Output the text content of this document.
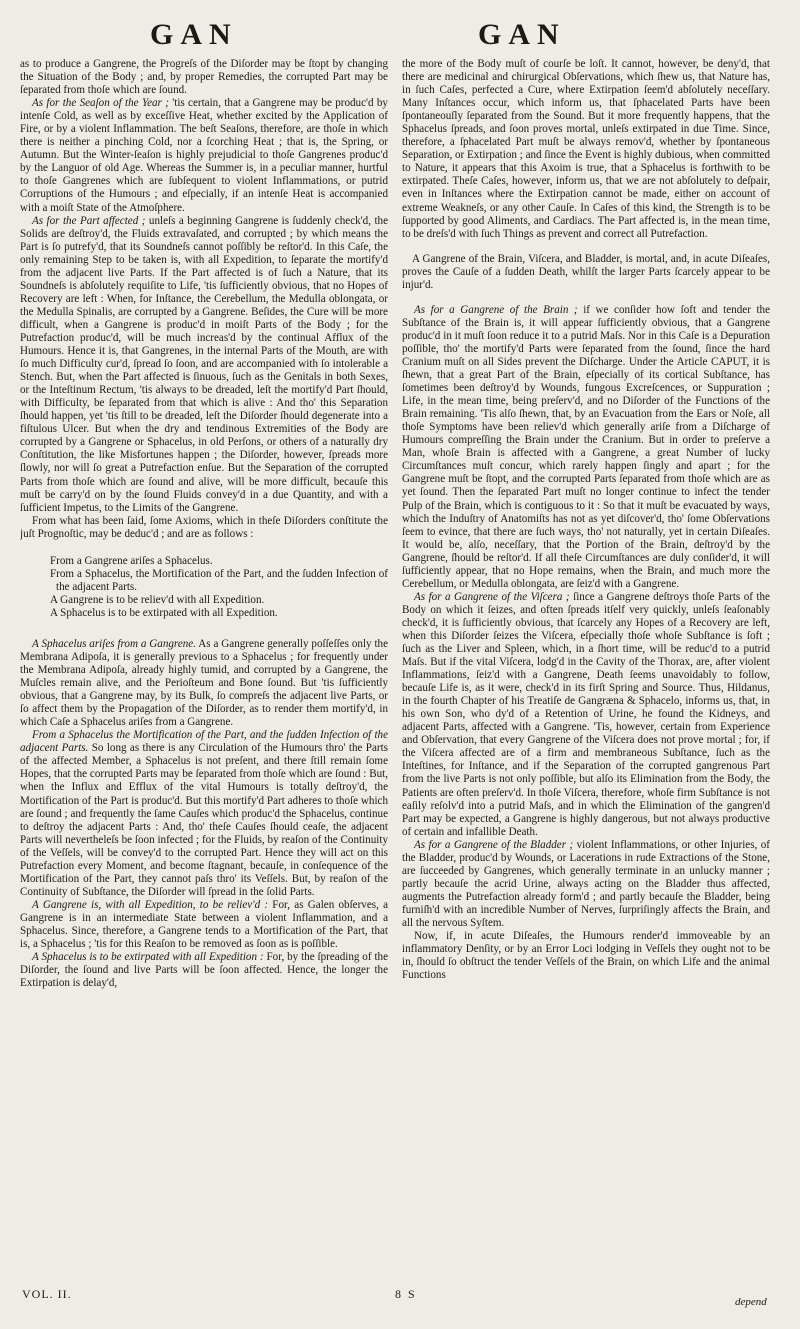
GAN	GAN

as to produce a Gangrene, the Progreſs of the Diſorder may be ſtopt by changing the Situation of the Body ; and, by proper Remedies, the corrupted Part may be ſeparated from thoſe which are ſound.

As for the Seaſon of the Year ; 'tis certain, that a Gangrene may be produc'd by intenſe Cold, as well as by exceſſive Heat, whether excited by the Application of Fire, or by a violent Inflammation. The beſt Seaſons, therefore, are thoſe in which there is neither a pinching Cold, nor a ſcorching Heat ; that is, the Spring, or Autumn. But the Winter-ſeaſon is highly prejudicial to thoſe Gangrenes produc'd by the Languor of old Age. Whereas the Summer is, in a peculiar manner, hurtful to thoſe Gangrenes which are ſubſequent to violent Inflammations, or putrid Corruptions of the Humours ; and eſpecially, if an intenſe Heat is accompanied with a moiſt State of the Atmoſphere.

As for the Part affected ; unleſs a beginning Gangrene is ſuddenly check'd, the Solids are deſtroy'd, the Fluids extravaſated, and corrupted ; by which means the Part is ſo putrefy'd, that its Soundneſs cannot poſſibly be reſtor'd. In this Caſe, the only remaining Step to be taken is, with all Expedition, to ſeparate the mortify'd from the adjacent live Parts. If the Part affected is of ſuch a Nature, that its Soundneſs is abſolutely requiſite to Life, 'tis ſufficiently obvious, that no Hopes of Recovery are left : When, for Inſtance, the Cerebellum, the Medulla oblongata, or the Medulla Spinalis, are corrupted by a Gangrene. Beſides, the Cure will be more difficult, when a Gangrene is produc'd in moiſt Parts of the Body ; for the Putrefaction produc'd, will be much increas'd by the continual Afflux of the Humours. Hence it is, that Gangrenes, in the internal Parts of the Mouth, are with ſo much Difficulty cur'd, ſpread ſo ſoon, and are accompanied with ſo intolerable a Stench. But, when the Part affected is ſinuous, ſuch as the Genitals in both Sexes, or the Inteſtinum Rectum, 'tis always to be dreaded, leſt the mortify'd Part ſhould, with Difficulty, be ſeparated from that which is alive : And tho' this Separation ſhould happen, yet 'tis ſtill to be dreaded, leſt the Diſorder ſhould degenerate into a fiſtulous Ulcer. But when the dry and tendinous Extremities of the Body are corrupted by a Gangrene or Sphacelus, in old Perſons, or others of a naturally dry Conſtitution, the like Misfortunes happen ; the Diſorder, however, ſpreads more ſlowly, nor will ſo great a Putrefaction enſue. But the Separation of the corrupted Parts from thoſe which are ſound and alive, will be more difficult, becauſe this muſt be carry'd on by the ſound Fluids convey'd in a due Quantity, and with a ſufficient Impetus, to the Limits of the Gangrene.

From what has been ſaid, ſome Axioms, which in theſe Diſorders conſtitute the juſt Prognoſtic, may be deduc'd ; and are as follows :

From a Gangrene ariſes a Sphacelus.

From a Sphacelus, the Mortification of the Part, and the ſudden Infection of the adjacent Parts.

A Gangrene is to be reliev'd with all Expedition.

A Sphacelus is to be extirpated with all Expedition.

A Sphacelus ariſes from a Gangrene. As a Gangrene generally poſſeſſes only the Membrana Adipoſa, it is generally previous to a Sphacelus ; for frequently under the Membrana Adipoſa, already highly tumid, and corrupted by a Gangrene, the Muſcles remain alive, and the Perioſteum and Bone ſound. But 'tis ſufficiently obvious, that a Gangrene may, by its Bulk, ſo compreſs the adjacent live Parts, or ſo affect them by the Propagation of the Diſorder, as to render them mortify'd, in which Caſe a Sphacelus ariſes from a Gangrene.

From a Sphacelus the Mortification of the Part, and the ſudden Infection of the adjacent Parts. So long as there is any Circulation of the Humours thro' the Parts of the affected Member, a Sphacelus is not preſent, and there ſtill remain ſome Hopes, that the corrupted Parts may be ſeparated from thoſe which are ſound : But, when the Influx and Efflux of the vital Humours is totally deſtroy'd, the Mortification of the Part is produc'd. But this mortify'd Part adheres to thoſe which are ſound ; and frequently the ſame Cauſes which produc'd the Sphacelus, continue to deſtroy the adjacent Parts : And, tho' theſe Cauſes ſhould ceaſe, the adjacent Parts will nevertheleſs be ſoon infected ; for the Fluids, by reaſon of the Continuity of the Veſſels, will be convey'd to the corrupted Part. Hence they will act on this Putrefaction every Moment, and become ſtagnant, becauſe, in conſequence of the Mortification of the Part, they cannot paſs thro' its Veſſels. But, by reaſon of the Continuity of Subſtance, the Diſorder will ſpread in the ſolid Parts.

A Gangrene is, with all Expedition, to be reliev'd : For, as Galen obſerves, a Gangrene is in an intermediate State between a violent Inflammation, and a Sphacelus. Since, therefore, a Gangrene tends to a Mortification of the Part, that is, a Sphacelus ; 'tis for this Reaſon to be removed as ſoon as is poſſible.

A Sphacelus is to be extirpated with all Expedition : For, by the ſpreading of the Diſorder, the ſound and live Parts will be ſoon affected. Hence, the longer the Extirpation is delay'd,

the more of the Body muſt of courſe be loſt. It cannot, however, be deny'd, that there are medicinal and chirurgical Obſervations, which ſhew us, that Nature has, in ſuch Caſes, perfected a Cure, where Extirpation ſeem'd abſolutely neceſſary. Many Inſtances occur, which inform us, that ſphacelated Parts have been ſpontaneouſly ſeparated from the Sound. But it more frequently happens, that the Sphacelus ſpreads, and ſoon proves mortal, unleſs extirpated in due Time. Since, therefore, a ſphacelated Part muſt be always remov'd, whether by ſpontaneous Separation, or Extirpation ; and ſince the Event is highly dubious, when committed to Nature, it appears that this Axoim is true, that a Sphacelus is forthwith to be extirpated. Theſe Caſes, however, inform us, that we are not abſolutely to deſpair, even in Inſtances where the Extirpation cannot be made, either on account of extreme Weakneſs, or any other Cauſe. In Caſes of this kind, the Strength is to be ſupported by good Aliments, and Cardiacs. The Part affected is, in the mean time, to be dreſs'd with ſuch Things as prevent and correct all Putrefaction.

A Gangrene of the Brain, Viſcera, and Bladder, is mortal, and, in acute Diſeaſes, proves the Cauſe of a ſudden Death, whilſt the larger Parts ſcarcely appear to be injur'd.

As for a Gangrene of the Brain ; if we conſider how ſoft and tender the Subſtance of the Brain is, it will appear ſufficiently obvious, that a Gangrene produc'd in it muſt ſoon reduce it to a putrid Maſs. Nor in this Caſe is a Depuration poſſible, tho' the mortify'd Parts were ſeparated from the ſound, ſince the hard Cranium muſt on all Sides prevent the Diſcharge. Under the Article CAPUT, it is ſhewn, that a great Part of the Brain, eſpecially of its cortical Subſtance, has ſometimes been deſtroy'd by Wounds, fungous Excreſcences, or Suppuration ; Life, in the mean time, being preſerv'd, and no Diſorder of the Functions of the Brain remaining. 'Tis alſo ſhewn, that, by an Evacuation from the Ears or Noſe, all thoſe Symptoms have been reliev'd which generally ariſe from a Diſcharge of Humours compreſſing the Brain under the Cranium. But in order to preſerve a Man, whoſe Brain is affected with a Gangrene, a great Number of lucky Circumſtances muſt concur, which rarely happen ſingly and apart ; for the Gangrene muſt be ſtopt, and the corrupted Parts ſeparated from thoſe which are as yet ſound. Then the ſeparated Part muſt no longer continue to infect the tender Pulp of the Brain, which is contiguous to it : So that it muſt be evacuated by ways, which the Induſtry of Anatomiſts has not as yet diſcover'd, tho' ſome Obſervations ſeem to evince, that there are ſuch ways, tho' not naturally, yet in certain Diſeaſes. It would be, alſo, neceſſary, that the Portion of the Brain, deſtroy'd by the Gangrene, ſhould be reſtor'd. If all theſe Circumſtances are duly conſider'd, it will ſufficiently appear, that no Hope remains, when the Brain, and much more the Cerebellum, or Medulla oblongata, are ſeiz'd with a Gangrene.

As for a Gangrene of the Viſcera ; ſince a Gangrene deſtroys thoſe Parts of the Body on which it ſeizes, and often ſpreads itſelf very quickly, unleſs ſeaſonably check'd, it is ſufficiently obvious, that ſcarcely any Hopes of a Recovery are left, when this Diſorder ſeizes the Viſcera, eſpecially thoſe whoſe Subſtance is ſoft ; ſuch as the Liver and Spleen, which, in a ſhort time, will be reduc'd to a putrid Maſs. But if the vital Viſcera, lodg'd in the Cavity of the Thorax, are, after violent Inflammations, ſeiz'd with a Gangrene, Death ſeems unavoidably to follow, becauſe Life is, as it were, check'd in its firſt Spring and Source. Thus, Hildanus, in the fourth Chapter of his Treatiſe de Gangræna & Sphacelo, informs us, that, in his own Son, who dy'd of a Retention of Urine, he found the Kidneys, and adjacent Parts, affected with a Gangrene. 'Tis, however, certain from Experience and Obſervation, that every Gangrene of the Viſcera does not prove mortal ; for, if the Viſcera affected are of a firm and membraneous Subſtance, ſuch as the Inteſtines, for Inſtance, and if the Separation of the corrupted gangrenous Part from the live Parts is not only poſſible, but alſo its Elimination from the Body, the Patients are often preſerv'd. In thoſe Viſcera, therefore, whoſe firm Subſtance is not eaſily reſolv'd into a putrid Maſs, and in which the Elimination of the gangren'd Part may be expected, a Gangrene is highly dangerous, but not always productive of certain and infallible Death.

As for a Gangrene of the Bladder ; violent Inflammations, or other Injuries, of the Bladder, produc'd by Wounds, or Lacerations in rude Extractions of the Stone, are ſucceeded by Gangrenes, which generally terminate in an unlucky manner ; partly becauſe the acrid Urine, always acting on the Bladder thus affected, augments the Putrefaction already form'd ; and partly becauſe the Bladder, being furniſh'd with an incredible Number of Nerves, ſurpriſingly affects the Brain, and all the nervous Syſtem.

Now, if, in acute Diſeaſes, the Humours render'd immoveable by an inflammatory Denſity, or by an Error Loci lodging in Veſſels they ought not to be in, ſhould ſo obſtruct the tender Veſſels of the Brain, on which Life and the animal Functions

VOL. II.	8 S
depend
